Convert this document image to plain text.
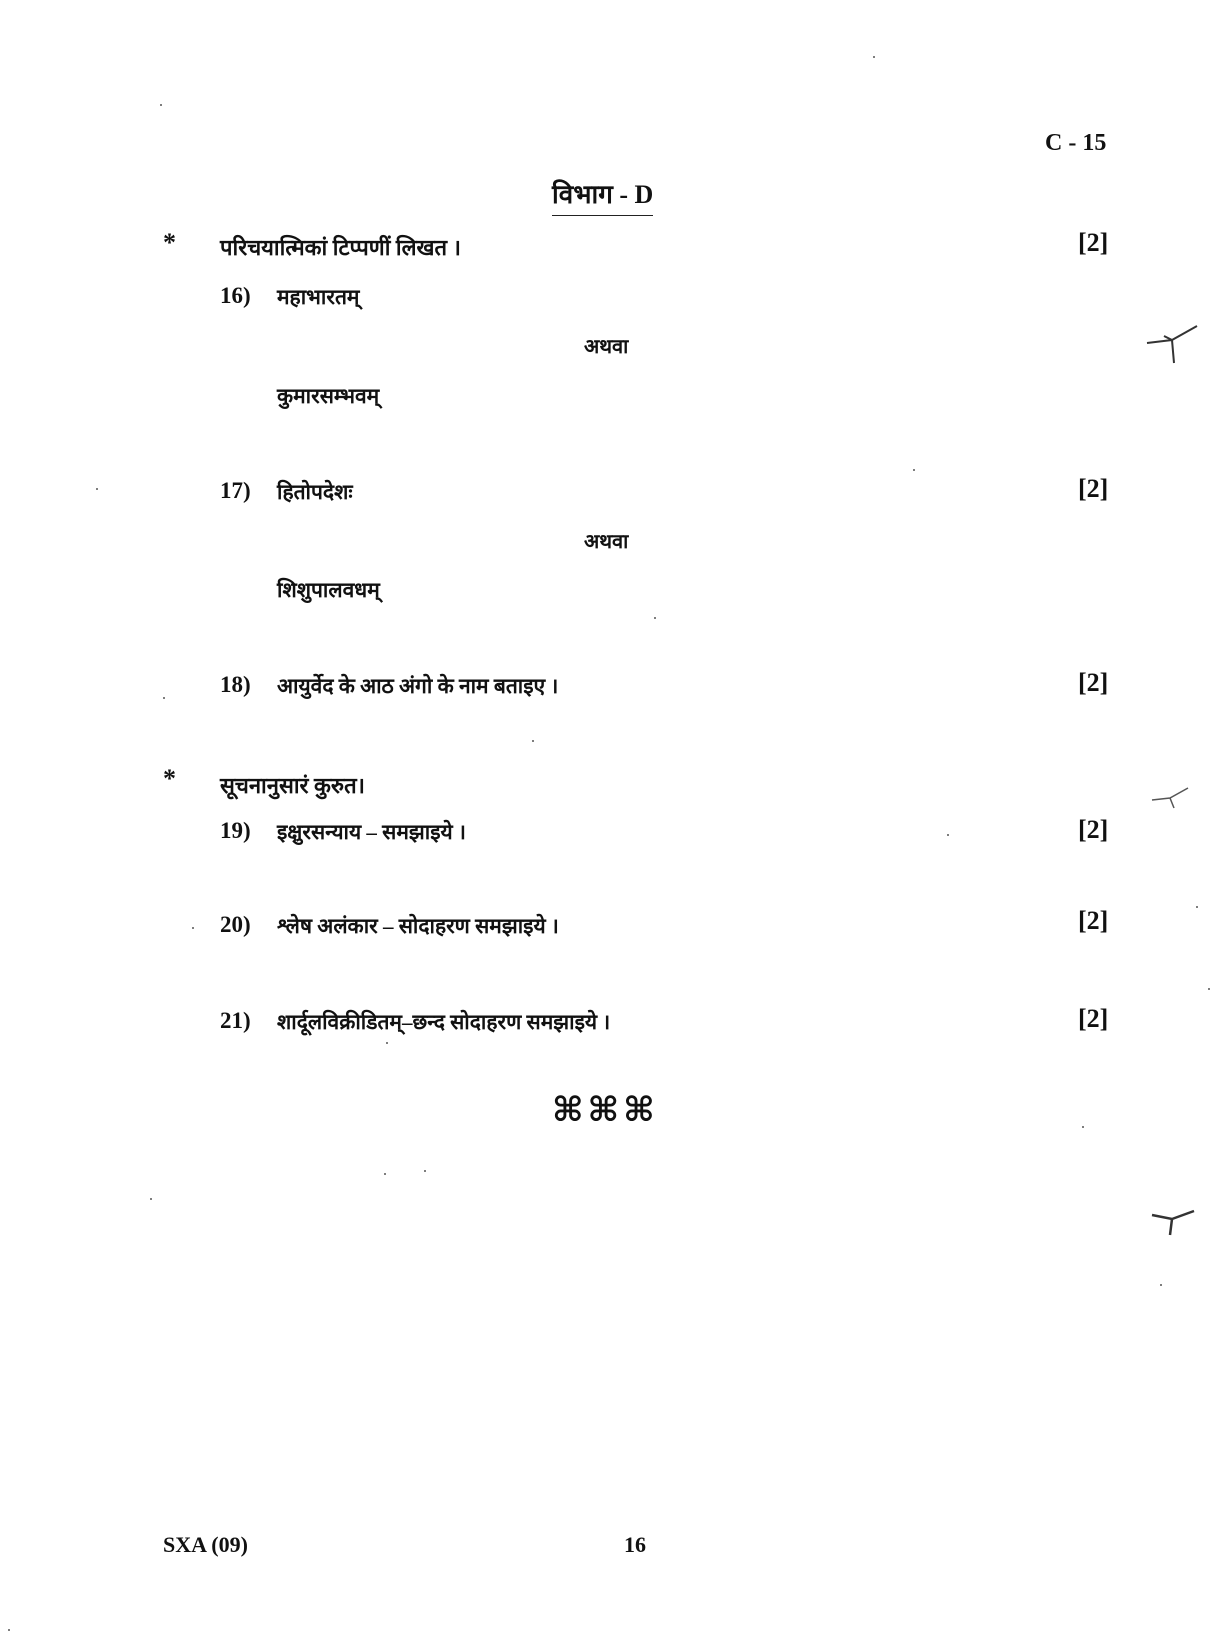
C - 15
विभाग - D
* परिचयात्मिकां टिप्पणीं लिखत ।	[2]
16) महाभारतम्
अथवा
कुमारसम्भवम्
17) हितोपदेशः	[2]
अथवा
शिशुपालवधम्
18) आयुर्वेद के आठ अंगो के नाम बताइए ।	[2]
* सूचनानुसारं कुरुत।
19) इक्षुरसन्याय – समझाइये ।	[2]
20) श्लेष अलंकार – सोदाहरण समझाइये ।	[2]
21) शार्दूलविक्रीडितम्–छन्द सोदाहरण समझाइये ।	[2]
⌘⌘⌘
SXA (09)	16
